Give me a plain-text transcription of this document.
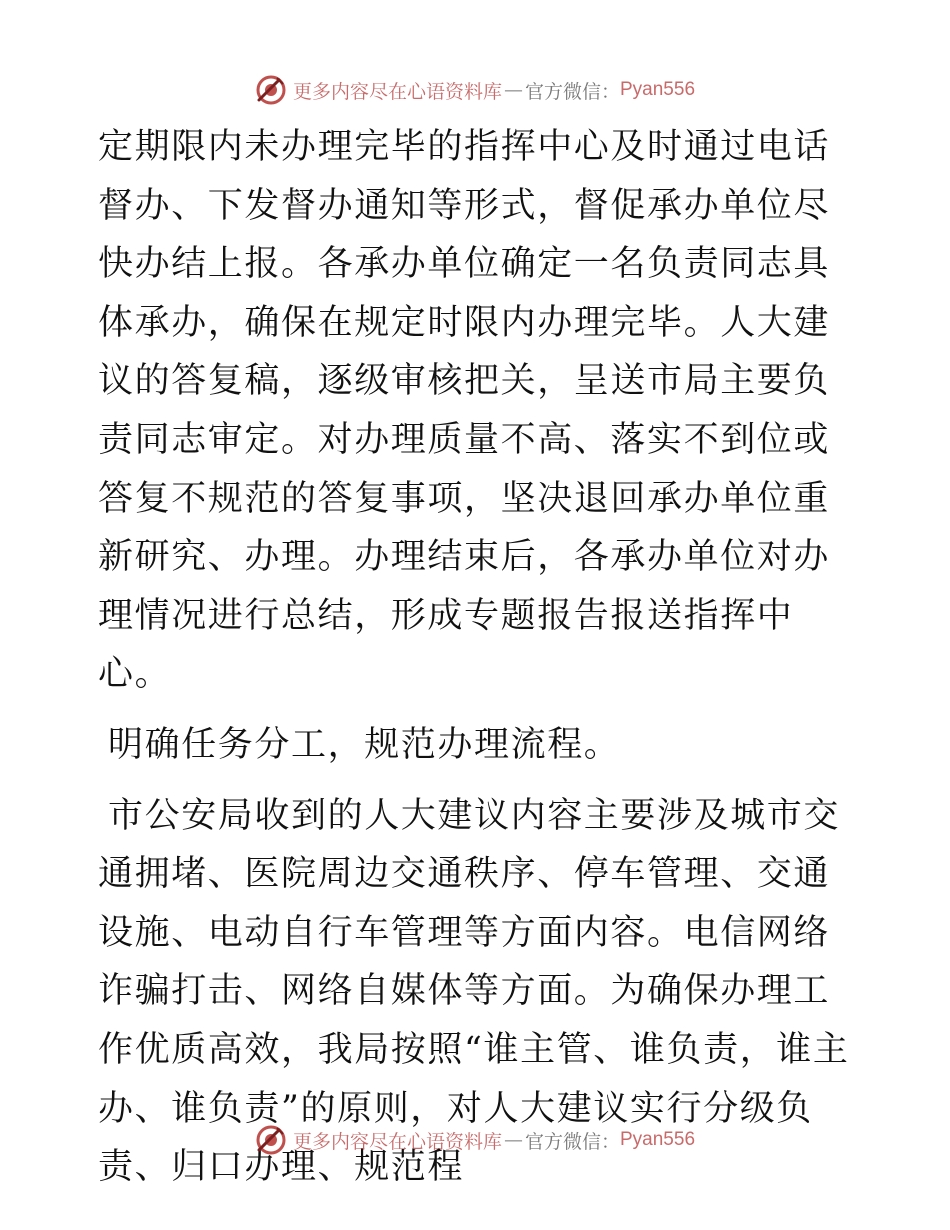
更多内容尽在心语资料库 — 官方微信： Pyan556

定期限内未办理完毕的指挥中心及时通过电话督办、下发督办通知等形式，督促承办单位尽快办结上报。各承办单位确定一名负责同志具体承办，确保在规定时限内办理完毕。人大建议的答复稿，逐级审核把关，呈送市局主要负责同志审定。对办理质量不高、落实不到位或答复不规范的答复事项，坚决退回承办单位重新研究、办理。办理结束后，各承办单位对办理情况进行总结，形成专题报告报送指挥中心。

明确任务分工，规范办理流程。

市公安局收到的人大建议内容主要涉及城市交通拥堵、医院周边交通秩序、停车管理、交通设施、电动自行车管理等方面内容。电信网络诈骗打击、网络自媒体等方面。为确保办理工作优质高效，我局按照“谁主管、谁负责，谁主办、谁负责”的原则，对人大建议实行分级负责、归口办理、规范程

更多内容尽在心语资料库 — 官方微信： Pyan556
